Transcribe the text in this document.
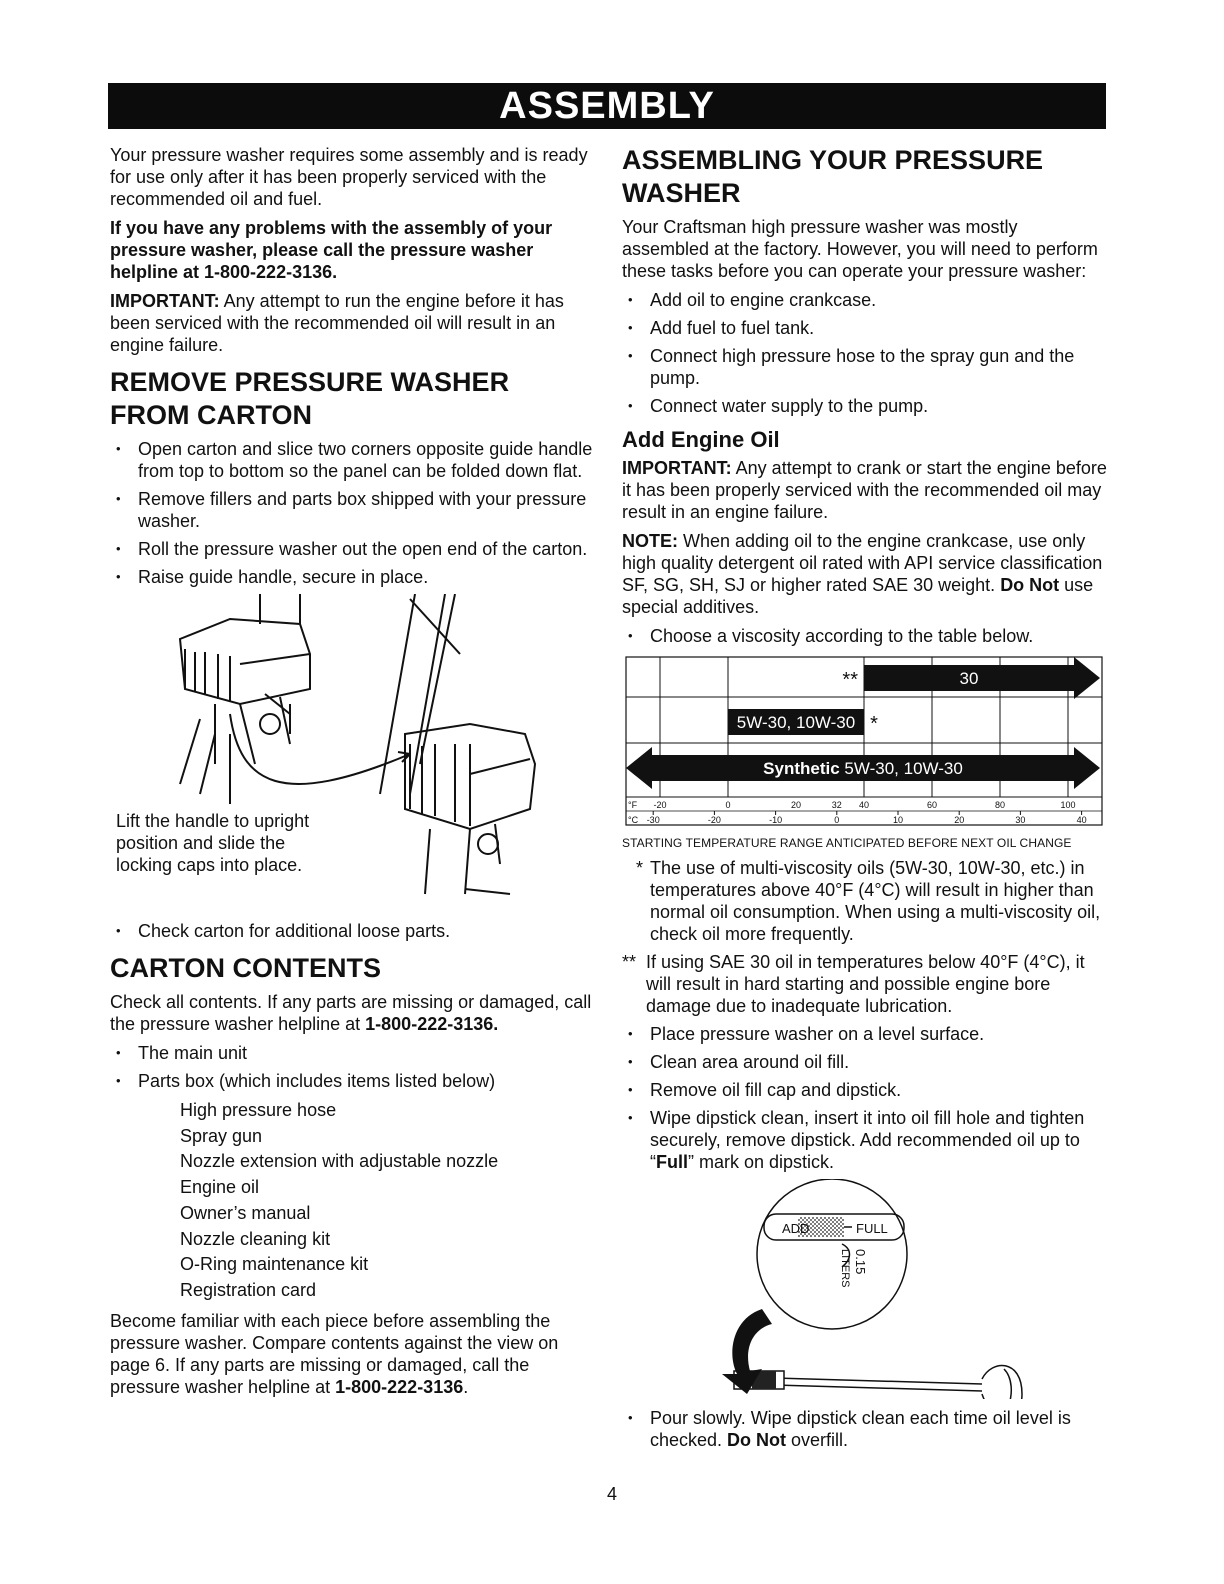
ASSEMBLY

Your pressure washer requires some assembly and is ready for use only after it has been properly serviced with the recommended oil and fuel.

If you have any problems with the assembly of your pressure washer, please call the pressure washer helpline at 1-800-222-3136.

IMPORTANT: Any attempt to run the engine before it has been serviced with the recommended oil will result in an engine failure.

REMOVE PRESSURE WASHER FROM CARTON
• Open carton and slice two corners opposite guide handle from top to bottom so the panel can be folded down flat.
• Remove fillers and parts box shipped with your pressure washer.
• Roll the pressure washer out the open end of the carton.
• Raise guide handle, secure in place.
Lift the handle to upright position and slide the locking caps into place.
• Check carton for additional loose parts.
CARTON CONTENTS

Check all contents. If any parts are missing or damaged, call the pressure washer helpline at 1-800-222-3136.

• The main unit
• Parts box (which includes items listed below)
High pressure hose
Spray gun
Nozzle extension with adjustable nozzle
Engine oil
Owner’s manual
Nozzle cleaning kit
O-Ring maintenance kit
Registration card

Become familiar with each piece before assembling the pressure washer. Compare contents against the view on page 6. If any parts are missing or damaged, call the pressure washer helpline at 1-800-222-3136.

ASSEMBLING YOUR PRESSURE WASHER

Your Craftsman high pressure washer was mostly assembled at the factory. However, you will need to perform these tasks before you can operate your pressure washer:

• Add oil to engine crankcase.
• Add fuel to fuel tank.
• Connect high pressure hose to the spray gun and the pump.
• Connect water supply to the pump.
Add Engine Oil

IMPORTANT: Any attempt to crank or start the engine before it has been properly serviced with the recommended oil may result in an engine failure.

NOTE: When adding oil to the engine crankcase, use only high quality detergent oil rated with API service classification SF, SG, SH, SJ or higher rated SAE 30 weight. Do Not use special additives.

• Choose a viscosity according to the table below.
30
**
5W-30, 10W-30 *
Synthetic 5W-30, 10W-30
°F -20	0	20	32 40	60	80	100
°C -30	-20	-10	0	10	20	30	40
STARTING TEMPERATURE RANGE ANTICIPATED BEFORE NEXT OIL CHANGE
* The use of multi-viscosity oils (5W-30, 10W-30, etc.) in temperatures above 40°F (4°C) will result in higher than normal oil consumption. When using a multi-viscosity oil, check oil more frequently.
** If using SAE 30 oil in temperatures below 40°F (4°C), it will result in hard starting and possible engine bore damage due to inadequate lubrication.
• Place pressure washer on a level surface.
• Clean area around oil fill.
• Remove oil fill cap and dipstick.
• Wipe dipstick clean, insert it into oil fill hole and tighten securely, remove dipstick. Add recommended oil up to “Full” mark on dipstick.
ADD	FULL
0.15
LITERS
• Pour slowly. Wipe dipstick clean each time oil level is checked. Do Not overfill.
4
